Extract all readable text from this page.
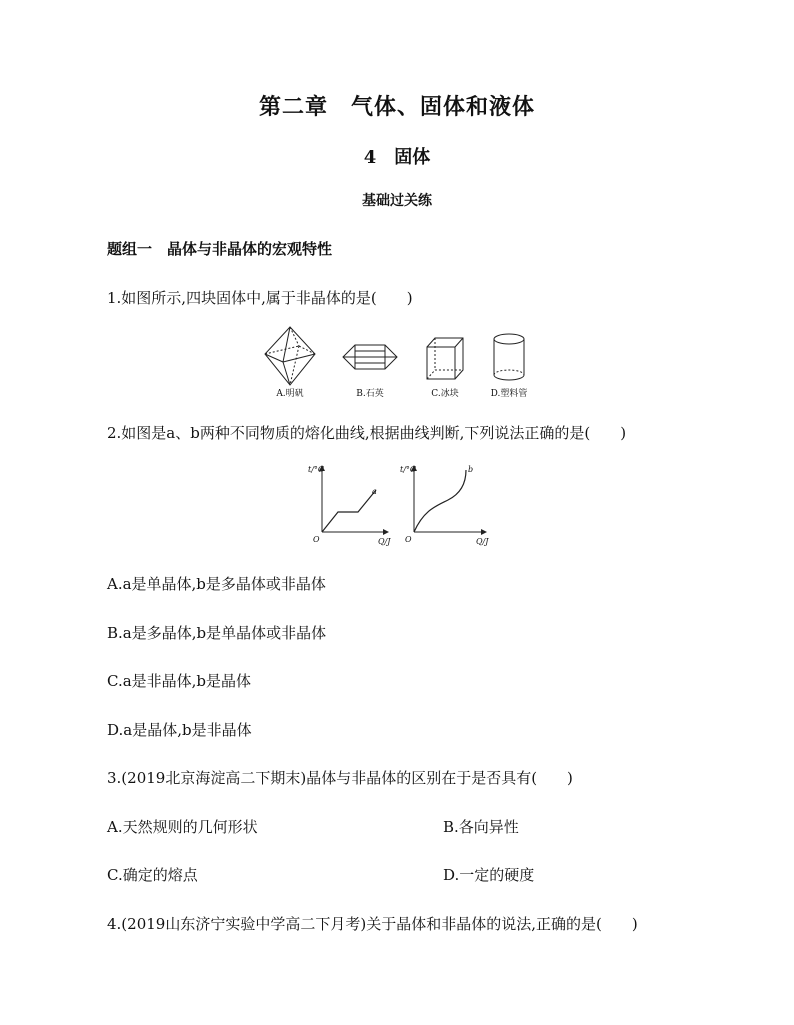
第二章　气体、固体和液体
4　固体
基础过关练
题组一　晶体与非晶体的宏观特性
1.如图所示,四块固体中,属于非晶体的是(　　)
A.明矾	B.石英	C.冰块	D.塑料管
2.如图是a、b两种不同物质的熔化曲线,根据曲线判断,下列说法正确的是(　　)
t/°C
Q/J
O
a
t/°C
Q/J
O
b
A.a是单晶体,b是多晶体或非晶体
B.a是多晶体,b是单晶体或非晶体
C.a是非晶体,b是晶体
D.a是晶体,b是非晶体
3.(2019北京海淀高二下期末)晶体与非晶体的区别在于是否具有(　　)
A.天然规则的几何形状	B.各向异性
C.确定的熔点	D.一定的硬度
4.(2019山东济宁实验中学高二下月考)关于晶体和非晶体的说法,正确的是(　　)
